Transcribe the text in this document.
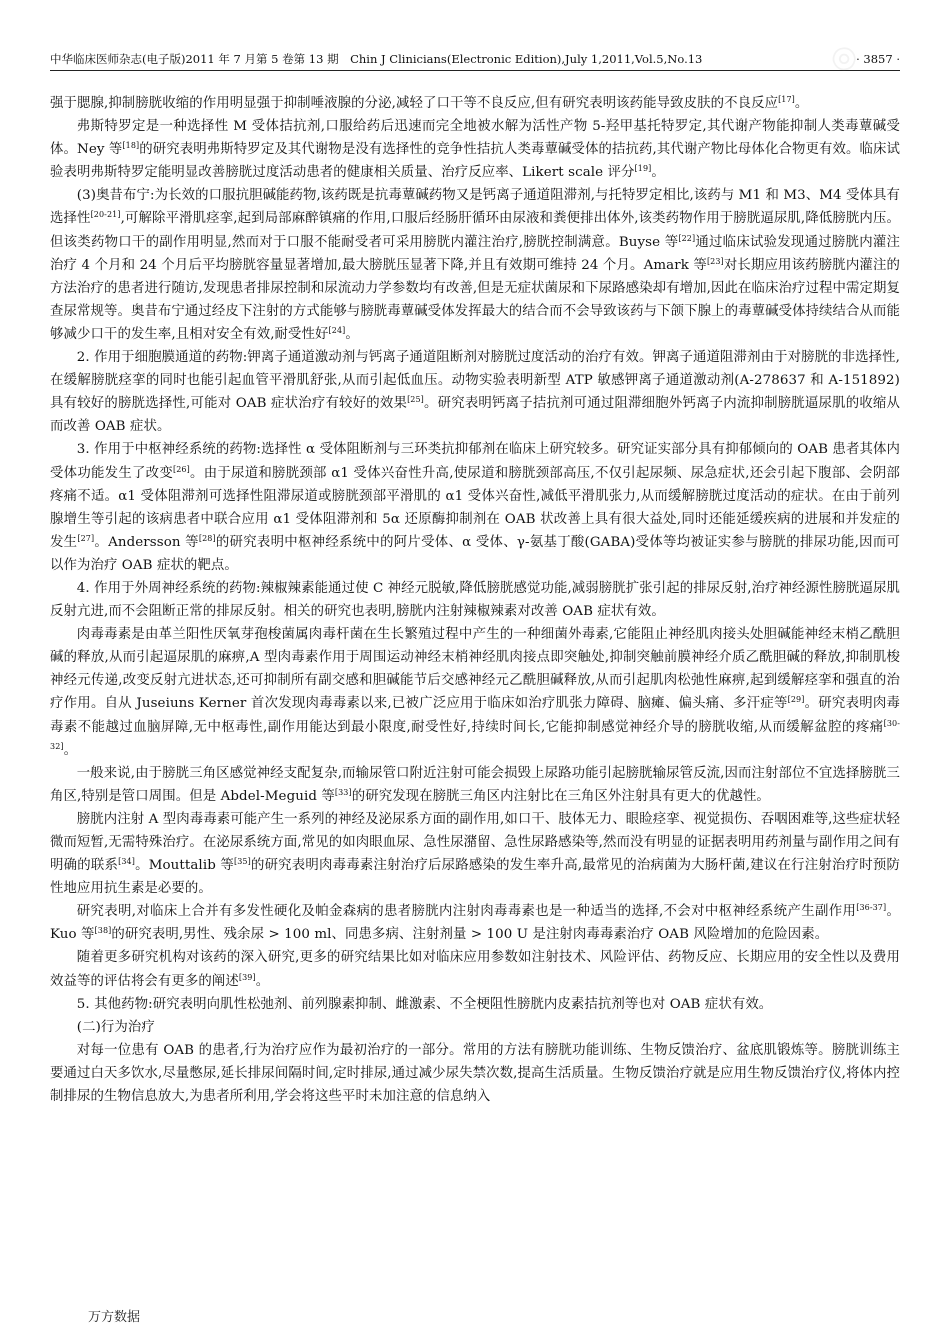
中华临床医师杂志(电子版)2011 年 7 月第 5 卷第 13 期　Chin J Clinicians(Electronic Edition),July 1,2011,Vol.5,No.13	· 3857 ·

强于腮腺,抑制膀胱收缩的作用明显强于抑制唾液腺的分泌,减轻了口干等不良反应,但有研究表明该药能导致皮肤的不良反应[17]。

弗斯特罗定是一种选择性 M 受体拮抗剂,口服给药后迅速而完全地被水解为活性产物 5-羟甲基托特罗定,其代谢产物能抑制人类毒蕈碱受体。Ney 等[18]的研究表明弗斯特罗定及其代谢物是没有选择性的竞争性拮抗人类毒蕈碱受体的拮抗药,其代谢产物比母体化合物更有效。临床试验表明弗斯特罗定能明显改善膀胱过度活动患者的健康相关质量、治疗反应率、Likert scale 评分[19]。

(3)奥昔布宁:为长效的口服抗胆碱能药物,该药既是抗毒蕈碱药物又是钙离子通道阻滞剂,与托特罗定相比,该药与 M1 和 M3、M4 受体具有选择性[20-21],可解除平滑肌痉挛,起到局部麻醉镇痛的作用,口服后经肠肝循环由尿液和粪便排出体外,该类药物作用于膀胱逼尿肌,降低膀胱内压。但该类药物口干的副作用明显,然而对于口服不能耐受者可采用膀胱内灌注治疗,膀胱控制满意。Buyse 等[22]通过临床试验发现通过膀胱内灌注治疗 4 个月和 24 个月后平均膀胱容量显著增加,最大膀胱压显著下降,并且有效期可维持 24 个月。Amark 等[23]对长期应用该药膀胱内灌注的方法治疗的患者进行随访,发现患者排尿控制和尿流动力学参数均有改善,但是无症状菌尿和下尿路感染却有增加,因此在临床治疗过程中需定期复查尿常规等。奥昔布宁通过经皮下注射的方式能够与膀胱毒蕈碱受体发挥最大的结合而不会导致该药与下颌下腺上的毒蕈碱受体持续结合从而能够减少口干的发生率,且相对安全有效,耐受性好[24]。

2. 作用于细胞膜通道的药物:钾离子通道激动剂与钙离子通道阻断剂对膀胱过度活动的治疗有效。钾离子通道阻滞剂由于对膀胱的非选择性,在缓解膀胱痉挛的同时也能引起血管平滑肌舒张,从而引起低血压。动物实验表明新型 ATP 敏感钾离子通道激动剂(A-278637 和 A-151892)具有较好的膀胱选择性,可能对 OAB 症状治疗有较好的效果[25]。研究表明钙离子拮抗剂可通过阻滞细胞外钙离子内流抑制膀胱逼尿肌的收缩从而改善 OAB 症状。

3. 作用于中枢神经系统的药物:选择性 α 受体阻断剂与三环类抗抑郁剂在临床上研究较多。研究证实部分具有抑郁倾向的 OAB 患者其体内受体功能发生了改变[26]。由于尿道和膀胱颈部 α1 受体兴奋性升高,使尿道和膀胱颈部高压,不仅引起尿频、尿急症状,还会引起下腹部、会阴部疼痛不适。α1 受体阻滞剂可选择性阻滞尿道或膀胱颈部平滑肌的 α1 受体兴奋性,减低平滑肌张力,从而缓解膀胱过度活动的症状。在由于前列腺增生等引起的该病患者中联合应用 α1 受体阻滞剂和 5α 还原酶抑制剂在 OAB 状改善上具有很大益处,同时还能延缓疾病的进展和并发症的发生[27]。Andersson 等[28]的研究表明中枢神经系统中的阿片受体、α 受体、γ-氨基丁酸(GABA)受体等均被证实参与膀胱的排尿功能,因而可以作为治疗 OAB 症状的靶点。

4. 作用于外周神经系统的药物:辣椒辣素能通过使 C 神经元脱敏,降低膀胱感觉功能,减弱膀胱扩张引起的排尿反射,治疗神经源性膀胱逼尿肌反射亢进,而不会阻断正常的排尿反射。相关的研究也表明,膀胱内注射辣椒辣素对改善 OAB 症状有效。

肉毒毒素是由革兰阳性厌氧芽孢梭菌属肉毒杆菌在生长繁殖过程中产生的一种细菌外毒素,它能阻止神经肌肉接头处胆碱能神经末梢乙酰胆碱的释放,从而引起逼尿肌的麻痹,A 型肉毒素作用于周围运动神经末梢神经肌肉接点即突触处,抑制突触前膜神经介质乙酰胆碱的释放,抑制肌梭神经元传递,改变反射亢进状态,还可抑制所有副交感和胆碱能节后交感神经元乙酰胆碱释放,从而引起肌肉松弛性麻痹,起到缓解痉挛和强直的治疗作用。自从 Juseiuns Kerner 首次发现肉毒毒素以来,已被广泛应用于临床如治疗肌张力障碍、脑瘫、偏头痛、多汗症等[29]。研究表明肉毒毒素不能越过血脑屏障,无中枢毒性,副作用能达到最小限度,耐受性好,持续时间长,它能抑制感觉神经介导的膀胱收缩,从而缓解盆腔的疼痛[30-32]。

一般来说,由于膀胱三角区感觉神经支配复杂,而输尿管口附近注射可能会损毁上尿路功能引起膀胱输尿管反流,因而注射部位不宜选择膀胱三角区,特别是管口周围。但是 Abdel-Meguid 等[33]的研究发现在膀胱三角区内注射比在三角区外注射具有更大的优越性。

膀胱内注射 A 型肉毒毒素可能产生一系列的神经及泌尿系方面的副作用,如口干、肢体无力、眼睑痉挛、视觉损伤、吞咽困难等,这些症状轻微而短暂,无需特殊治疗。在泌尿系统方面,常见的如肉眼血尿、急性尿潴留、急性尿路感染等,然而没有明显的证据表明用药剂量与副作用之间有明确的联系[34]。Mouttalib 等[35]的研究表明肉毒毒素注射治疗后尿路感染的发生率升高,最常见的治病菌为大肠杆菌,建议在行注射治疗时预防性地应用抗生素是必要的。

研究表明,对临床上合并有多发性硬化及帕金森病的患者膀胱内注射肉毒毒素也是一种适当的选择,不会对中枢神经系统产生副作用[36-37]。Kuo 等[38]的研究表明,男性、残余尿 > 100 ml、同患多病、注射剂量 > 100 U 是注射肉毒毒素治疗 OAB 风险增加的危险因素。

随着更多研究机构对该药的深入研究,更多的研究结果比如对临床应用参数如注射技术、风险评估、药物反应、长期应用的安全性以及费用效益等的评估将会有更多的阐述[39]。

5. 其他药物:研究表明向肌性松弛剂、前列腺素抑制、雌激素、不全梗阻性膀胱内皮素拮抗剂等也对 OAB 症状有效。

(二)行为治疗

对每一位患有 OAB 的患者,行为治疗应作为最初治疗的一部分。常用的方法有膀胱功能训练、生物反馈治疗、盆底肌锻炼等。膀胱训练主要通过白天多饮水,尽量憋尿,延长排尿间隔时间,定时排尿,通过减少尿失禁次数,提高生活质量。生物反馈治疗就是应用生物反馈治疗仪,将体内控制排尿的生物信息放大,为患者所利用,学会将这些平时未加注意的信息纳入

万方数据
◎
